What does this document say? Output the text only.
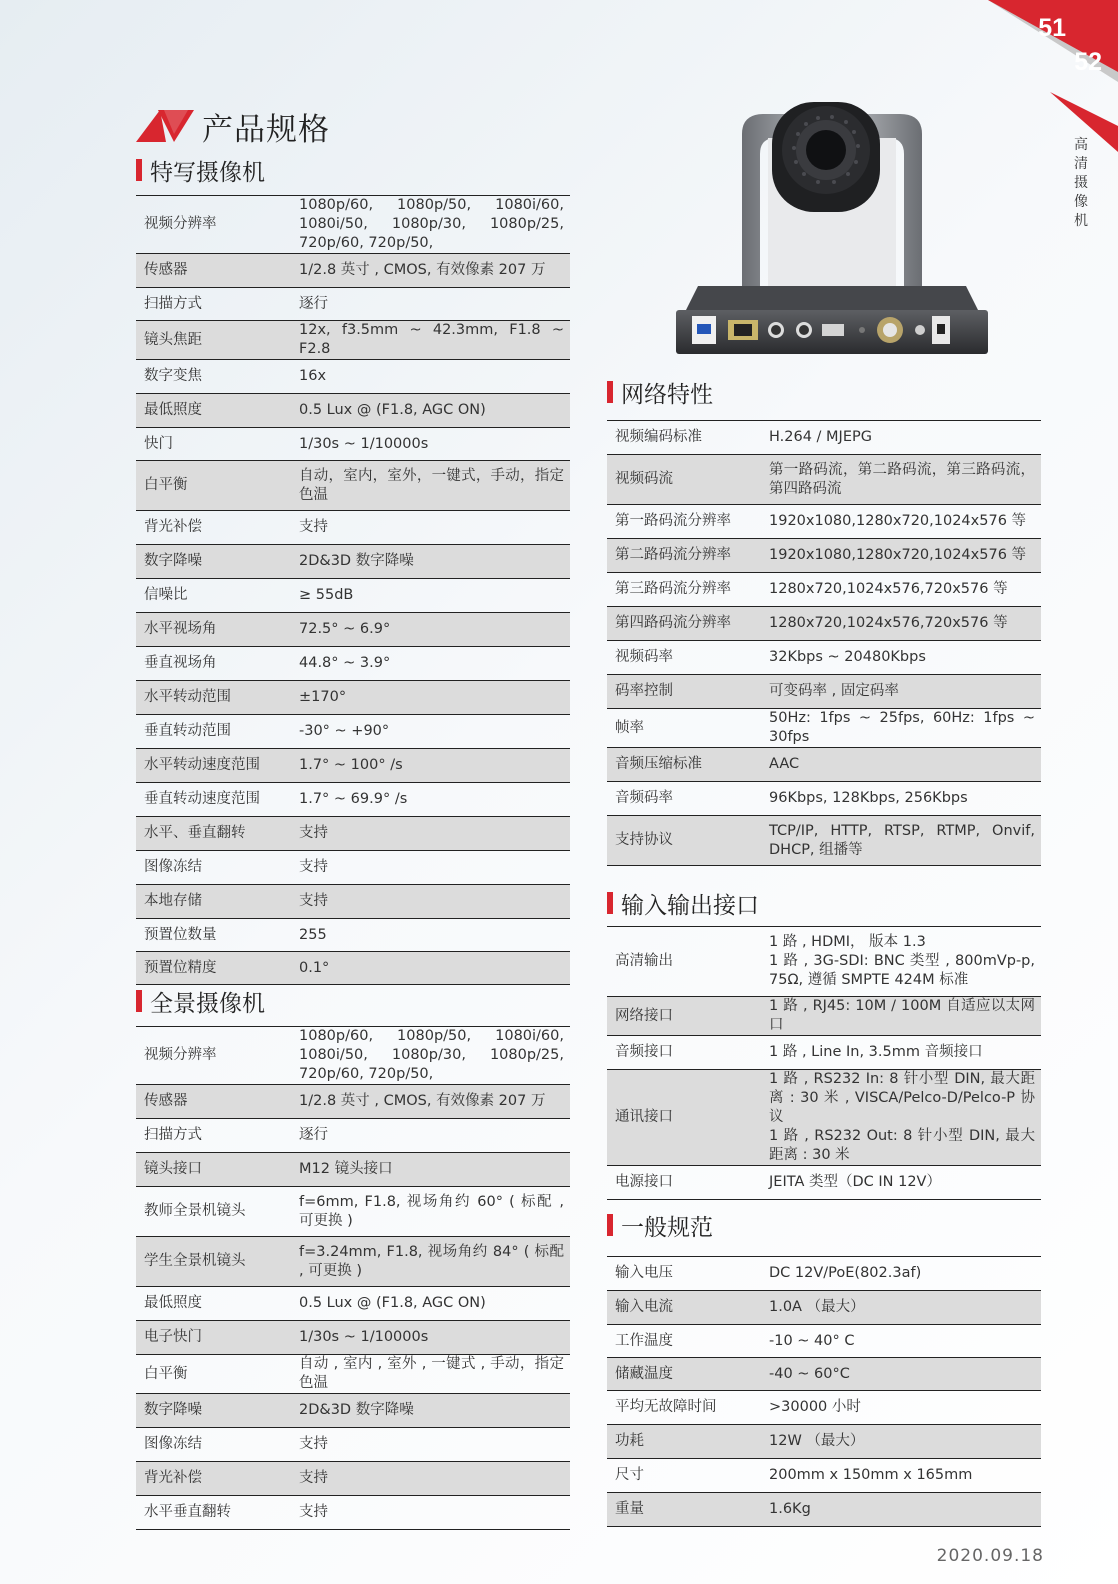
51
52
高清摄像机
产品规格
特写摄像机
全景摄像机
网络特性
输入输出接口
一般规范
视频分辨率	1080p/60, 1080p/50, 1080i/60, 1080i/50, 1080p/30, 1080p/25, 720p/60, 720p/50,
传感器	1/2.8 英寸 , CMOS, 有效像素 207 万
扫描方式	逐行
镜头焦距	12x, f3.5mm ~ 42.3mm, F1.8 ~ F2.8
数字变焦	16x
最低照度	0.5 Lux @ (F1.8, AGC ON)
快门	1/30s ~ 1/10000s
白平衡	自动，室内，室外，一键式，手动，指定色温
背光补偿	支持
数字降噪	2D&3D 数字降噪
信噪比	≥ 55dB
水平视场角	72.5° ~ 6.9°
垂直视场角	44.8° ~ 3.9°
水平转动范围	±170°
垂直转动范围	-30° ~ +90°
水平转动速度范围	1.7° ~ 100° /s
垂直转动速度范围	1.7° ~ 69.9° /s
水平、垂直翻转	支持
图像冻结	支持
本地存储	支持
预置位数量	255
预置位精度	0.1°
视频分辨率	1080p/60, 1080p/50, 1080i/60, 1080i/50, 1080p/30, 1080p/25, 720p/60, 720p/50,
传感器	1/2.8 英寸 , CMOS, 有效像素 207 万
扫描方式	逐行
镜头接口	M12 镜头接口
教师全景机镜头	f=6mm, F1.8, 视场角约 60° ( 标配 , 可更换 )
学生全景机镜头	f=3.24mm, F1.8, 视场角约 84° ( 标配 , 可更换 )
最低照度	0.5 Lux @ (F1.8, AGC ON)
电子快门	1/30s ~ 1/10000s
白平衡	自动 , 室内 , 室外 , 一键式 , 手动，指定色温
数字降噪	2D&3D 数字降噪
图像冻结	支持
背光补偿	支持
水平垂直翻转	支持
视频编码标准	H.264 / MJEPG
视频码流	第一路码流，第二路码流，第三路码流，第四路码流
第一路码流分辨率	1920x1080,1280x720,1024x576 等
第二路码流分辨率	1920x1080,1280x720,1024x576 等
第三路码流分辨率	1280x720,1024x576,720x576 等
第四路码流分辨率	1280x720,1024x576,720x576 等
视频码率	32Kbps ~ 20480Kbps
码率控制	可变码率 , 固定码率
帧率	50Hz: 1fps ~ 25fps, 60Hz: 1fps ~ 30fps
音频压缩标准	AAC
音频码率	96Kbps, 128Kbps, 256Kbps
支持协议	TCP/IP, HTTP, RTSP, RTMP, Onvif, DHCP, 组播等
高清输出	1 路 , HDMI， 版本 1.3
1 路 , 3G-SDI: BNC 类型 , 800mVp-p, 75Ω, 遵循 SMPTE 424M 标准

网络接口	1 路 , RJ45: 10M / 100M 自适应以太网口
音频接口	1 路 , Line In, 3.5mm 音频接口
通讯接口	1 路 , RS232 In: 8 针小型 DIN, 最大距离 : 30 米 , VISCA/Pelco-D/Pelco-P 协议
1 路 , RS232 Out: 8 针小型 DIN, 最大距离 : 30 米

电源接口	JEITA 类型（DC IN 12V）
输入电压	DC 12V/PoE(802.3af)
输入电流	1.0A （最大）
工作温度	-10 ~ 40° C
储藏温度	-40 ~ 60°C
平均无故障时间	>30000 小时
功耗	12W （最大）
尺寸	200mm x 150mm x 165mm
重量	1.6Kg
2020.09.18
